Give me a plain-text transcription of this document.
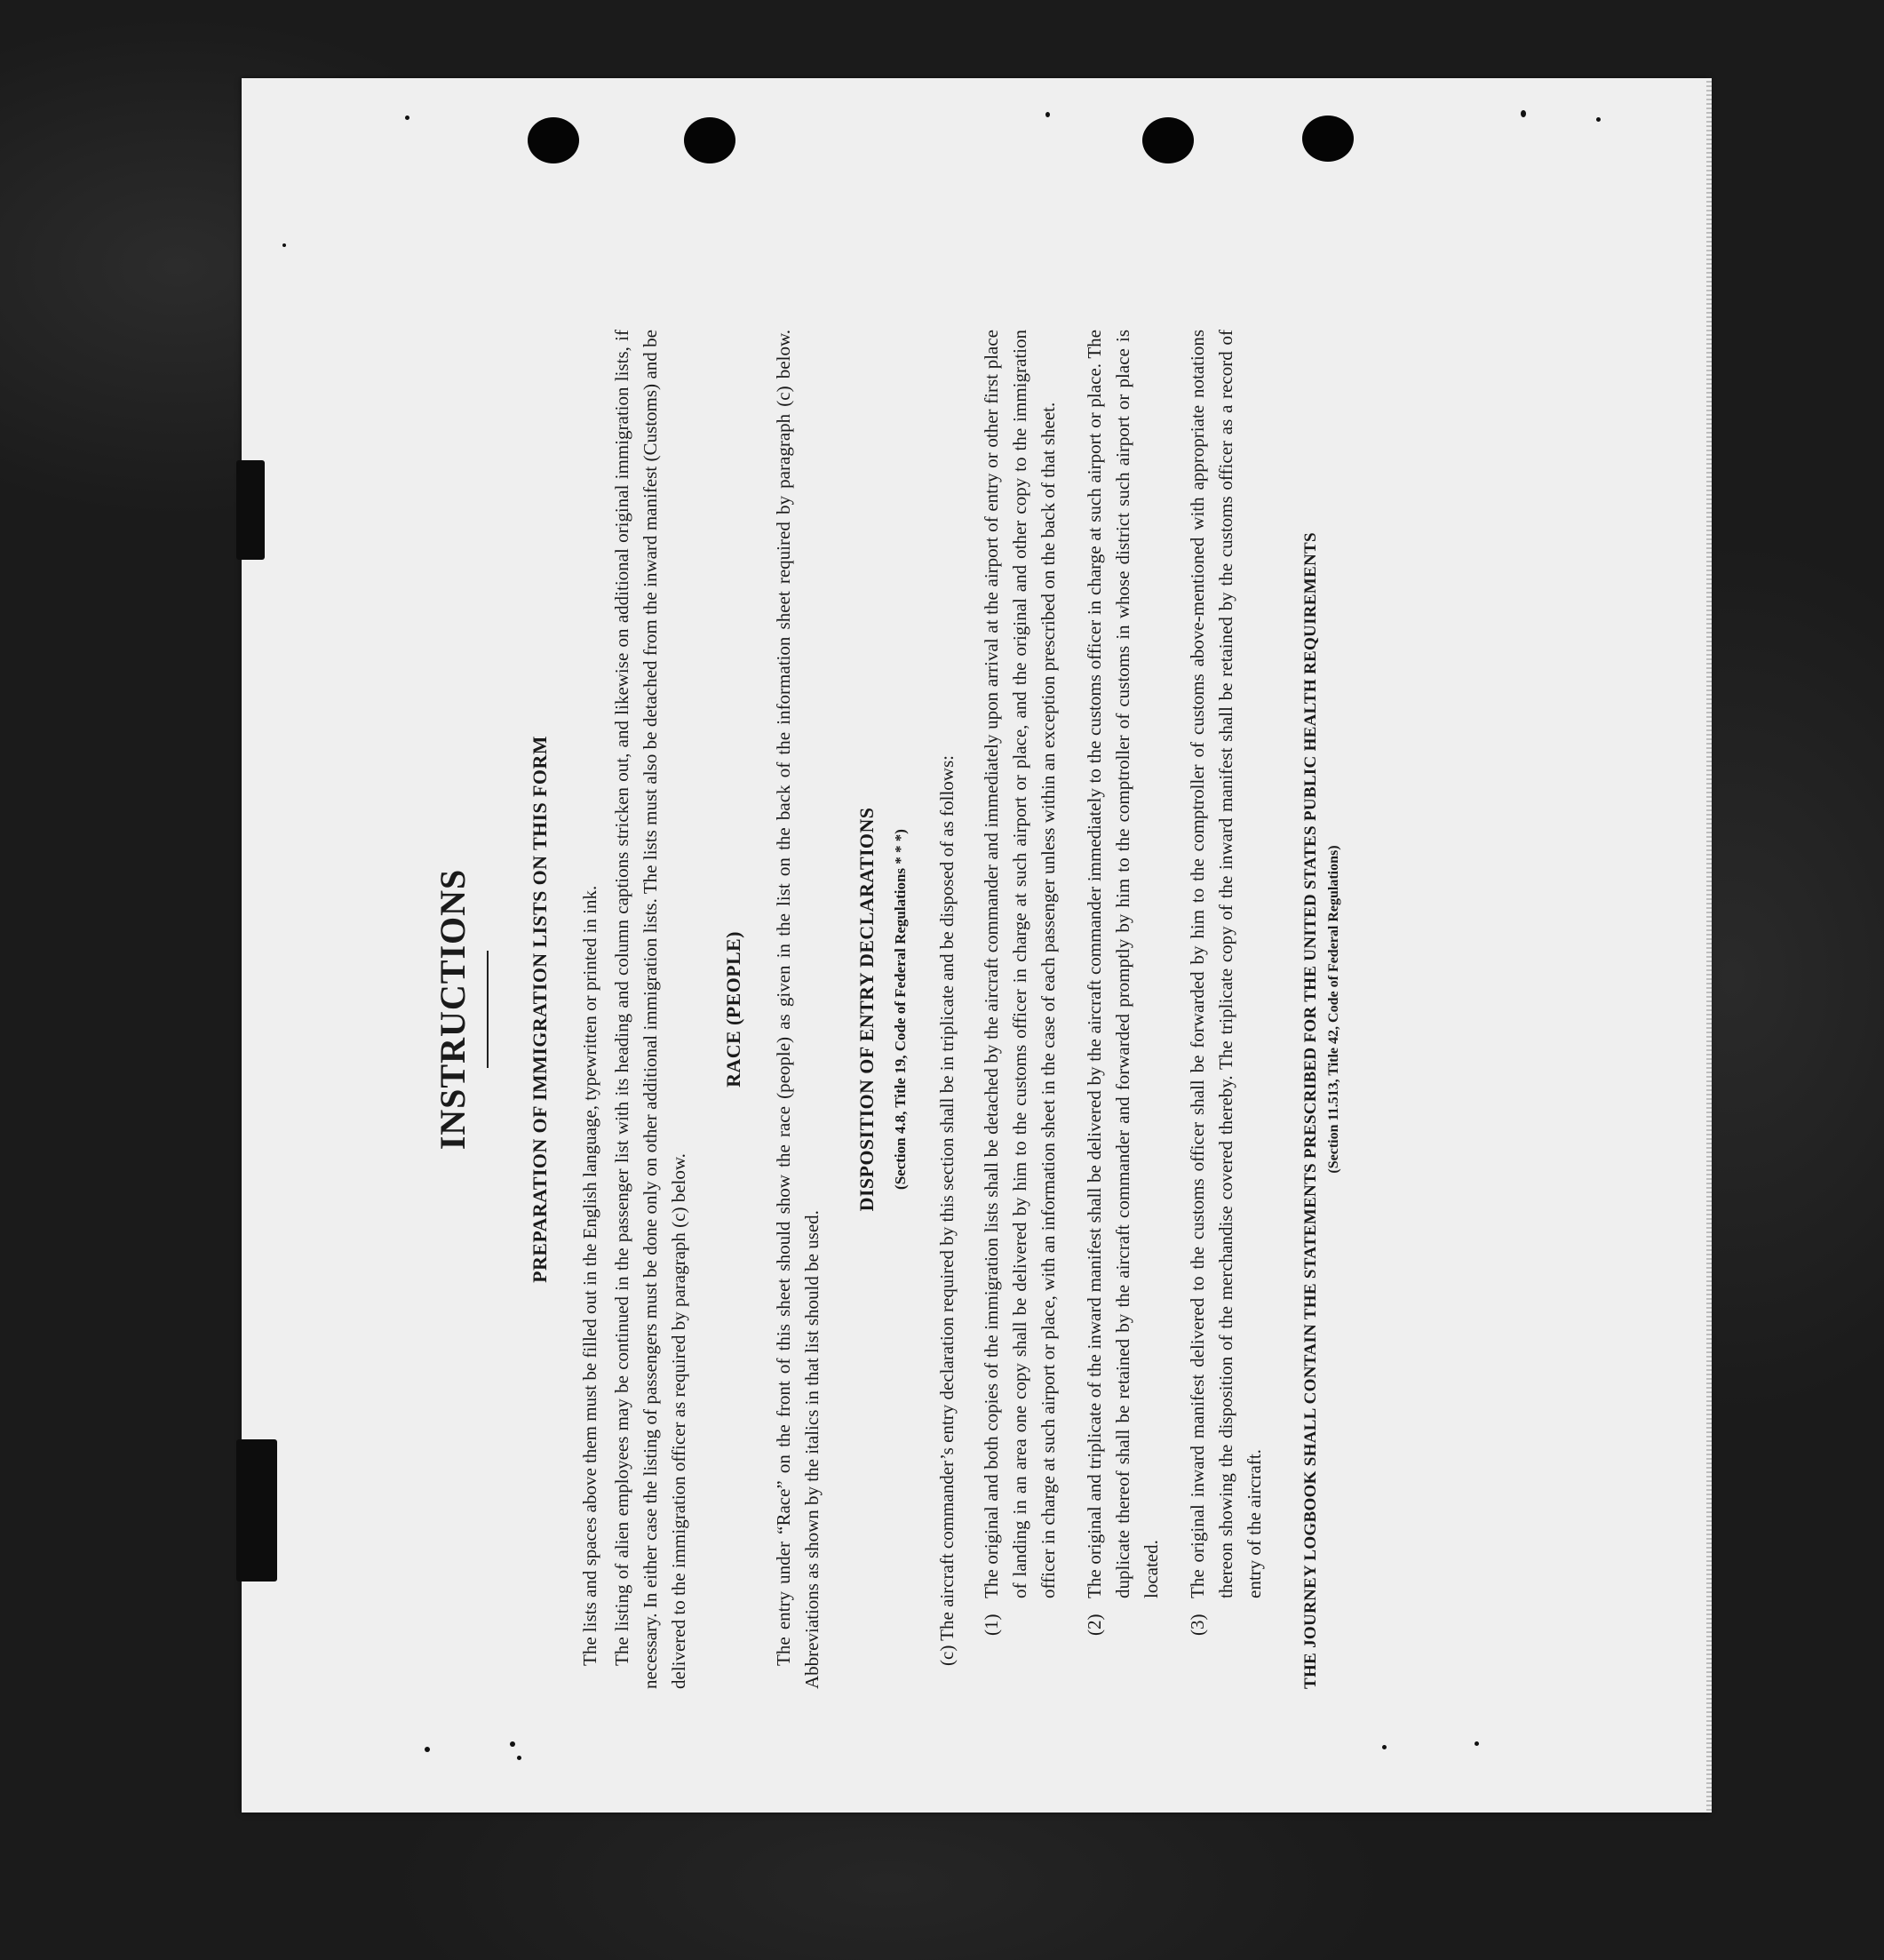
INSTRUCTIONS	PREPARATION OF IMMIGRATION LISTS ON THIS FORM The lists and spaces above them must be filled out in the English language, typewritten or printed in ink. The listing of alien employees may be continued in the passenger list with its heading and column captions stricken out, and likewise on additional original immigration lists, if necessary. In either case the listing of passengers must be done only on other additional immigration lists. The lists must also be detached from the inward manifest (Customs) and be delivered to the immigration officer as required by paragraph (c) below.

RACE (PEOPLE) The entry under “Race” on the front of this sheet should show the race (people) as given in the list on the back of the information sheet required by paragraph (c) below. Abbreviations as shown by the italics in that list should be used.

DISPOSITION OF ENTRY DECLARATIONS (Section 4.8, Title 19, Code of Federal Regulations * * *) (c) The aircraft commander’s entry declaration required by this section shall be in triplicate and be disposed of as follows: (1)The original and both copies of the immigration lists shall be detached by the aircraft commander and immediately upon arrival at the airport of entry or other first place of landing in an area one copy shall be delivered by him to the customs officer in charge at such airport or place, and the original and other copy to the immigration officer in charge at such airport or place, with an information sheet in the case of each passenger unless within an exception prescribed on the back of that sheet.
(2)The original and triplicate of the inward manifest shall be delivered by the aircraft commander immediately to the customs officer in charge at such airport or place. The duplicate thereof shall be retained by the aircraft commander and forwarded promptly by him to the comptroller of customs in whose district such airport or place is located.
(3)The original inward manifest delivered to the customs officer shall be forwarded by him to the comptroller of customs above-mentioned with appropriate notations thereon showing the disposition of the merchandise covered thereby. The triplicate copy of the inward manifest shall be retained by the customs officer as a record of entry of the aircraft. THE JOURNEY LOGBOOK SHALL CONTAIN THE STATEMENTS PRESCRIBED FOR THE UNITED STATES PUBLIC HEALTH REQUIREMENTS (Section 11.513, Title 42, Code of Federal Regulations)
